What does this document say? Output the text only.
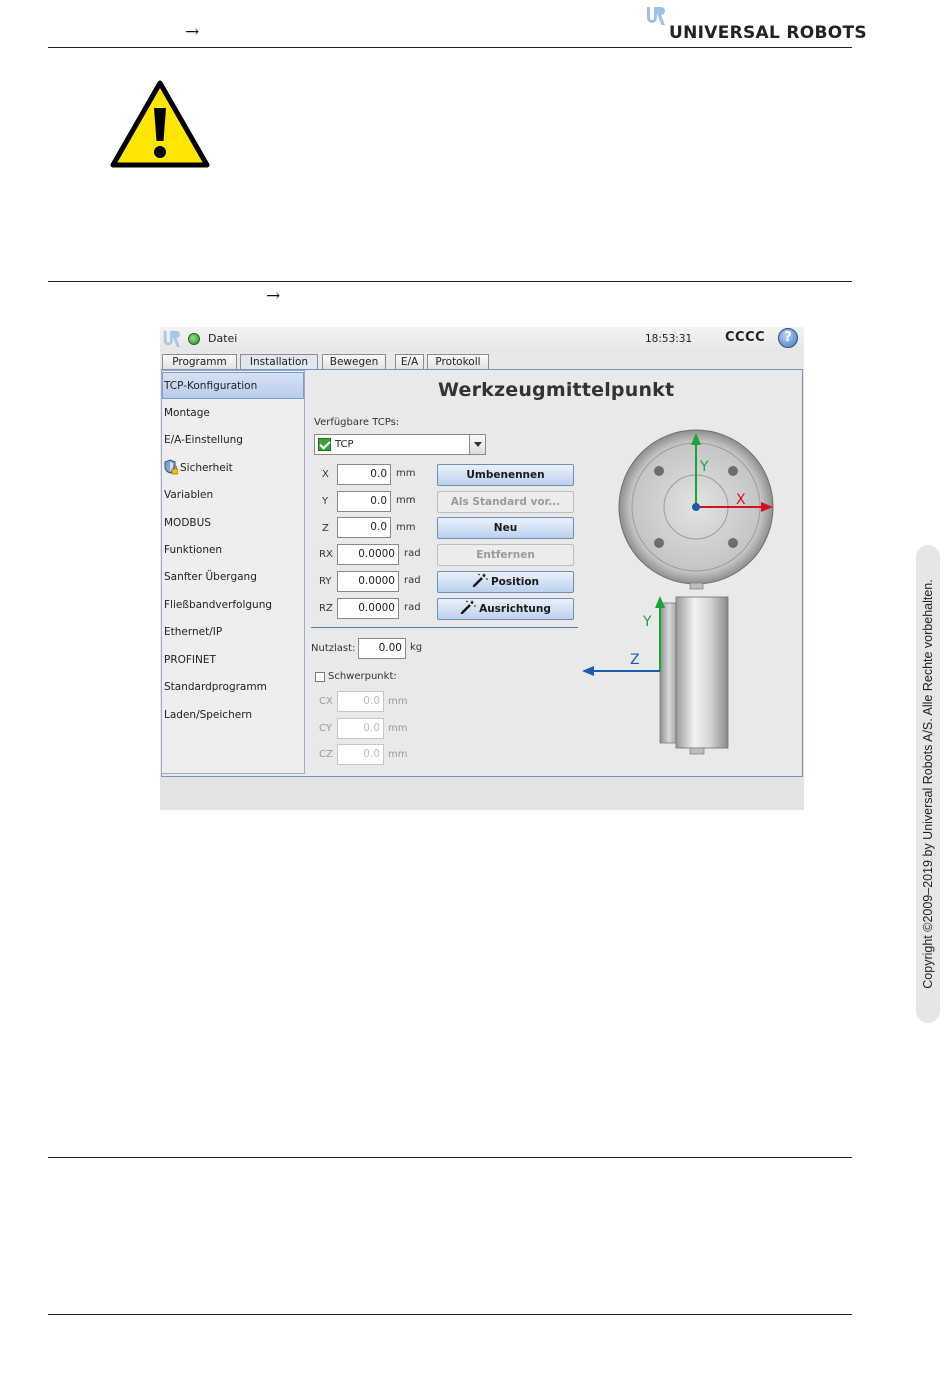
→	UNIVERSAL ROBOTS
→
Datei	18:53:31	CCCC	?
Programm	Installation	Bewegen	E/A	Protokoll
TCP-Konfiguration
Montage
E/A-Einstellung
Sicherheit
Variablen
MODBUS
Funktionen
Sanfter Übergang
Fließbandverfolgung
Ethernet/IP
PROFINET
Standardprogramm
Laden/Speichern
Werkzeugmittelpunkt
Verfügbare TCPs:
TCP
X	0.0 mm
Y	0.0 mm
Z	0.0 mm
RX	0.0000 rad
RY	0.0000 rad
RZ	0.0000 rad
Umbenennen
Als Standard vor...
Neu
Entfernen
Position
Ausrichtung
Nutzlast:	0.00 kg
Schwerpunkt:
CX	0.0 mm
CY	0.0 mm
CZ	0.0 mm
X
Y
Z
Y	Copyright ©2009–2019 by Universal Robots A/S. Alle Rechte vorbehalten.
